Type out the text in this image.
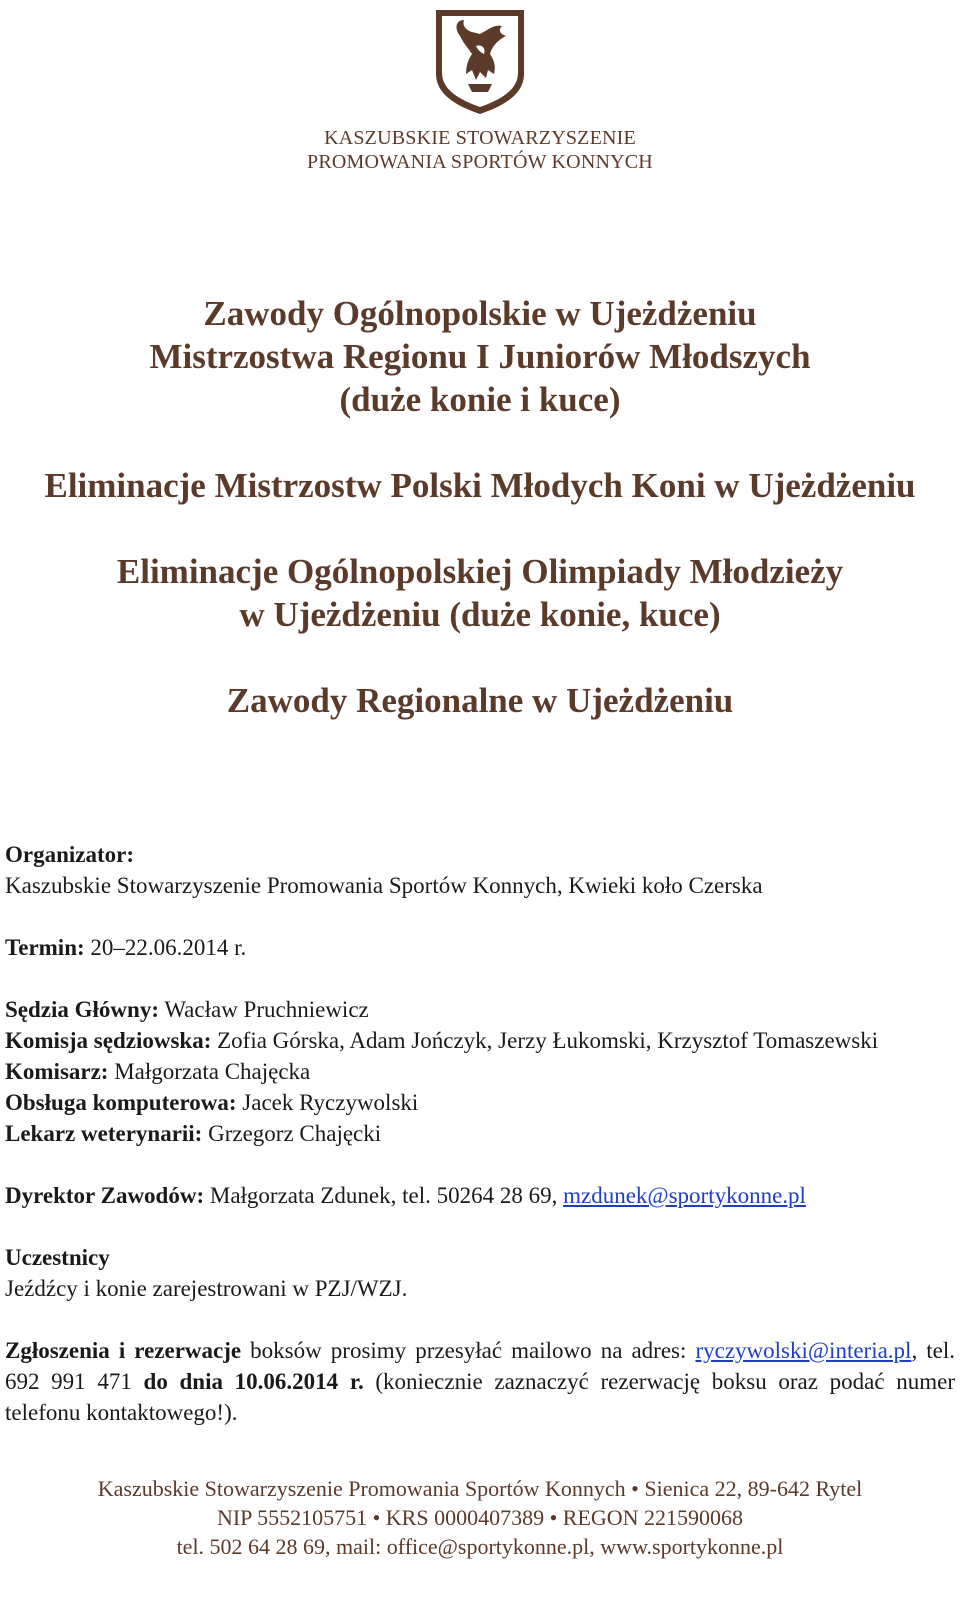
KASZUBSKIE STOWARZYSZENIE
PROMOWANIA SPORTÓW KONNYCH
Zawody Ogólnopolskie w Ujeżdżeniu
Mistrzostwa Regionu I Juniorów Młodszych
(duże konie i kuce)
Eliminacje Mistrzostw Polski Młodych Koni w Ujeżdżeniu
Eliminacje Ogólnopolskiej Olimpiady Młodzieży
w Ujeżdżeniu (duże konie, kuce)
Zawody Regionalne w Ujeżdżeniu

Organizator:

Kaszubskie Stowarzyszenie Promowania Sportów Konnych, Kwieki koło Czerska

Termin: 20–22.06.2014 r.

Sędzia Główny: Wacław Pruchniewicz

Komisja sędziowska: Zofia Górska, Adam Jończyk, Jerzy Łukomski, Krzysztof Tomaszewski

Komisarz: Małgorzata Chajęcka

Obsługa komputerowa: Jacek Ryczywolski

Lekarz weterynarii: Grzegorz Chajęcki

Dyrektor Zawodów: Małgorzata Zdunek, tel. 50264 28 69, mzdunek@sportykonne.pl

Uczestnicy

Jeźdźcy i konie zarejestrowani w PZJ/WZJ.

Zgłoszenia i rezerwacje boksów prosimy przesyłać mailowo na adres: ryczywolski@interia.pl, tel. 692 991 471 do dnia 10.06.2014 r. (koniecznie zaznaczyć rezerwację boksu oraz podać numer telefonu kontaktowego!).

Kaszubskie Stowarzyszenie Promowania Sportów Konnych • Sienica 22, 89-642 Rytel
NIP 5552105751 • KRS 0000407389 • REGON 221590068
tel. 502 64 28 69, mail: office@sportykonne.pl, www.sportykonne.pl
